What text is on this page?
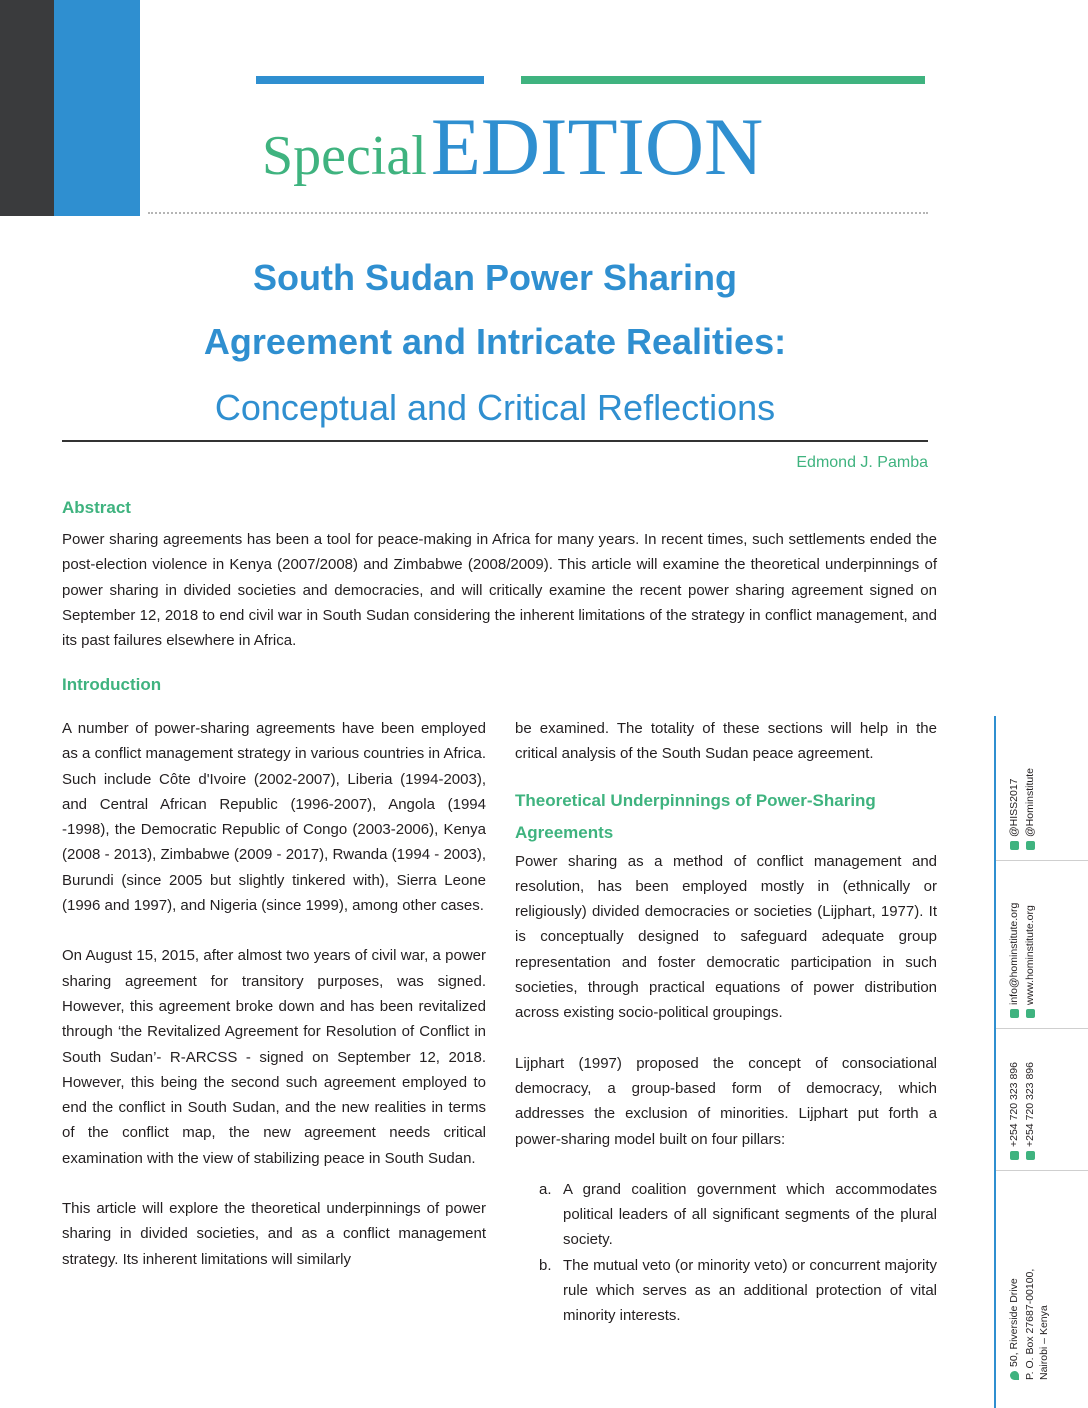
Special EDITION
South Sudan Power Sharing
Agreement and Intricate Realities:
Conceptual and Critical Reflections
Edmond J. Pamba
Abstract

Power sharing agreements has been a tool for peace-making in Africa for many years. In recent times, such settlements ended the post-election violence in Kenya (2007/2008) and Zimbabwe (2008/2009). This article will examine the theoretical underpinnings of power sharing in divided societies and democracies, and will critically examine the recent power sharing agreement signed on September 12, 2018 to end civil war in South Sudan considering the inherent limitations of the strategy in conflict management, and its past failures elsewhere in Africa.

Introduction

A number of power-sharing agreements have been employed as a conflict management strategy in various countries in Africa. Such include Côte d'Ivoire (2002-2007), Liberia (1994-2003), and Central African Republic (1996-2007), Angola (1994 -1998), the Democratic Republic of Congo (2003-2006), Kenya (2008 - 2013), Zimbabwe (2009 - 2017), Rwanda (1994 - 2003), Burundi (since 2005 but slightly tinkered with), Sierra Leone (1996 and 1997), and Nigeria (since 1999), among other cases.

On August 15, 2015, after almost two years of civil war, a power sharing agreement for transitory purposes, was signed. However, this agreement broke down and has been revitalized through ‘the Revitalized Agreement for Resolution of Conflict in South Sudan’- R-ARCSS - signed on September 12, 2018. However, this being the second such agreement employed to end the conflict in South Sudan, and the new realities in terms of the conflict map, the new agreement needs critical examination with the view of stabilizing peace in South Sudan.

This article will explore the theoretical underpinnings of power sharing in divided societies, and as a conflict management strategy. Its inherent limitations will similarly

be examined. The totality of these sections will help in the critical analysis of the South Sudan peace agreement.

Theoretical Underpinnings of Power-Sharing Agreements

Power sharing as a method of conflict management and resolution, has been employed mostly in (ethnically or religiously) divided democracies or societies (Lijphart, 1977). It is conceptually designed to safeguard adequate group representation and foster democratic participation in such societies, through practical equations of power distribution across existing socio-political groupings.

Lijphart (1997) proposed the concept of consociational democracy, a group-based form of democracy, which addresses the exclusion of minorities. Lijphart put forth a power-sharing model built on four pillars:

a. A grand coalition government which accommodates political leaders of all significant segments of the plural society.
b. The mutual veto (or minority veto) or concurrent majority rule which serves as an additional protection of vital minority interests.
@HISS2017 @Hominstitute
info@hominstitute.org www.hominstitute.org
+254 720 323 896 +254 720 323 896
50, Riverside Drive P. O. Box 27687-00100, Nairobi – Kenya
